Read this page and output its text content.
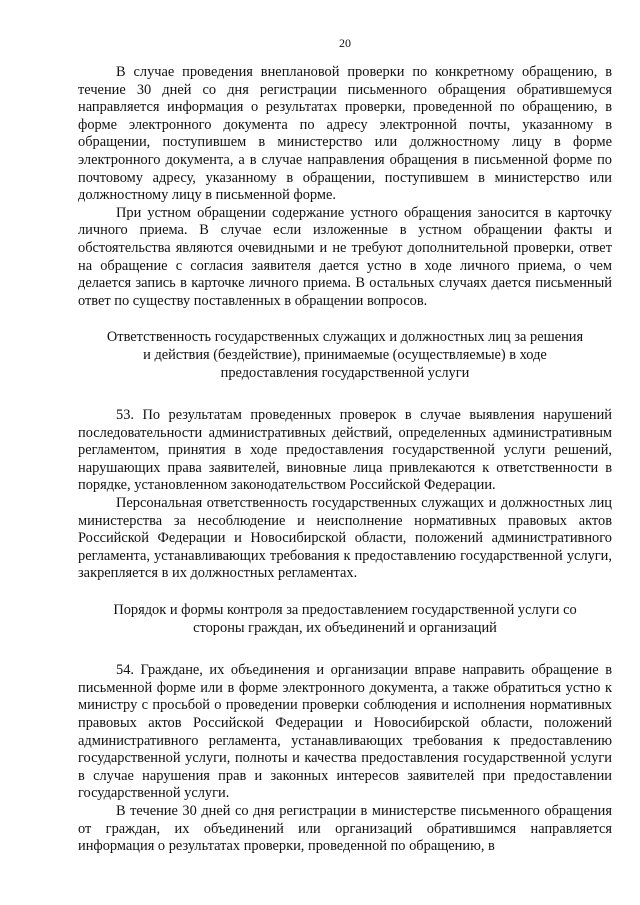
20

В случае проведения внеплановой проверки по конкретному обращению, в течение 30 дней со дня регистрации письменного обращения обратившемуся направляется информация о результатах проверки, проведенной по обращению, в форме электронного документа по адресу электронной почты, указанному в обращении, поступившем в министерство или должностному лицу в форме электронного документа, а в случае направления обращения в письменной форме по почтовому адресу, указанному в обращении, поступившем в министерство или должностному лицу в письменной форме.

При устном обращении содержание устного обращения заносится в карточку личного приема. В случае если изложенные в устном обращении факты и обстоятельства являются очевидными и не требуют дополнительной проверки, ответ на обращение с согласия заявителя дается устно в ходе личного приема, о чем делается запись в карточке личного приема. В остальных случаях дается письменный ответ по существу поставленных в обращении вопросов.

Ответственность государственных служащих и должностных лиц за решения и действия (бездействие), принимаемые (осуществляемые) в ходе предоставления государственной услуги

53. По результатам проведенных проверок в случае выявления нарушений последовательности административных действий, определенных административным регламентом, принятия в ходе предоставления государственной услуги решений, нарушающих права заявителей, виновные лица привлекаются к ответственности в порядке, установленном законодательством Российской Федерации.

Персональная ответственность государственных служащих и должностных лиц министерства за несоблюдение и неисполнение нормативных правовых актов Российской Федерации и Новосибирской области, положений административного регламента, устанавливающих требования к предоставлению государственной услуги, закрепляется в их должностных регламентах.

Порядок и формы контроля за предоставлением государственной услуги со стороны граждан, их объединений и организаций

54. Граждане, их объединения и организации вправе направить обращение в письменной форме или в форме электронного документа, а также обратиться устно к министру с просьбой о проведении проверки соблюдения и исполнения нормативных правовых актов Российской Федерации и Новосибирской области, положений административного регламента, устанавливающих требования к предоставлению государственной услуги, полноты и качества предоставления государственной услуги в случае нарушения прав и законных интересов заявителей при предоставлении государственной услуги.

В течение 30 дней со дня регистрации в министерстве письменного обращения от граждан, их объединений или организаций обратившимся направляется информация о результатах проверки, проведенной по обращению, в
